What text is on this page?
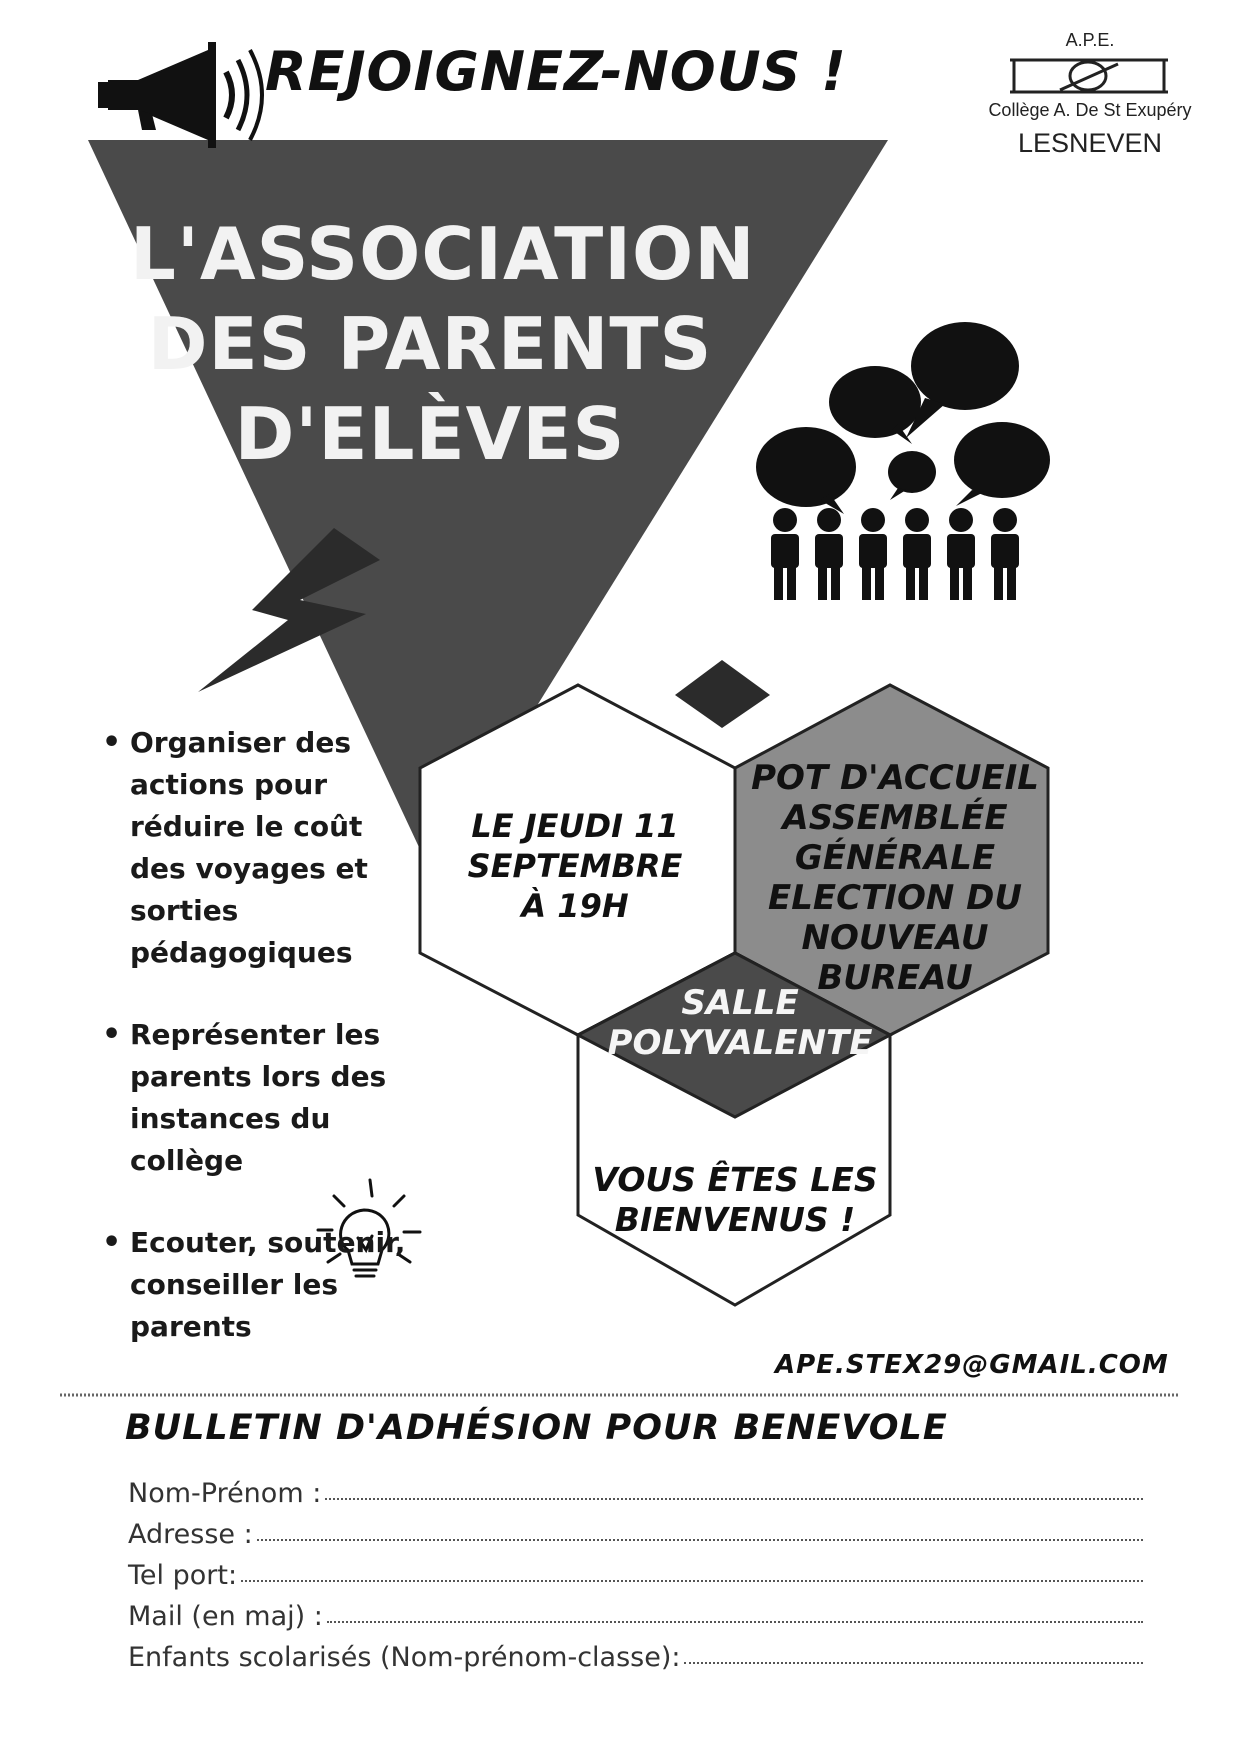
REJOIGNEZ-NOUS !	A.P.E.
Collège A. De St Exupéry
LESNEVEN
L'ASSOCIATION
DES PARENTS
D'ELÈVES
• Organiser des actions pour réduire le coût des voyages et sorties pédagogiques
• Représenter les parents lors des instances du collège
• Ecouter, soutenir, conseiller les parents
LE JEUDI 11 SEPTEMBRE À 19H
POT D'ACCUEIL ASSEMBLÉE GÉNÉRALE ELECTION DU NOUVEAU BUREAU
SALLE POLYVALENTE
VOUS ÊTES LES BIENVENUS !
APE.STEX29@GMAIL.COM
BULLETIN D'ADHÉSION POUR BENEVOLE
Nom-Prénom :
Adresse :
Tel port:
Mail (en maj) :
Enfants scolarisés (Nom-prénom-classe):
